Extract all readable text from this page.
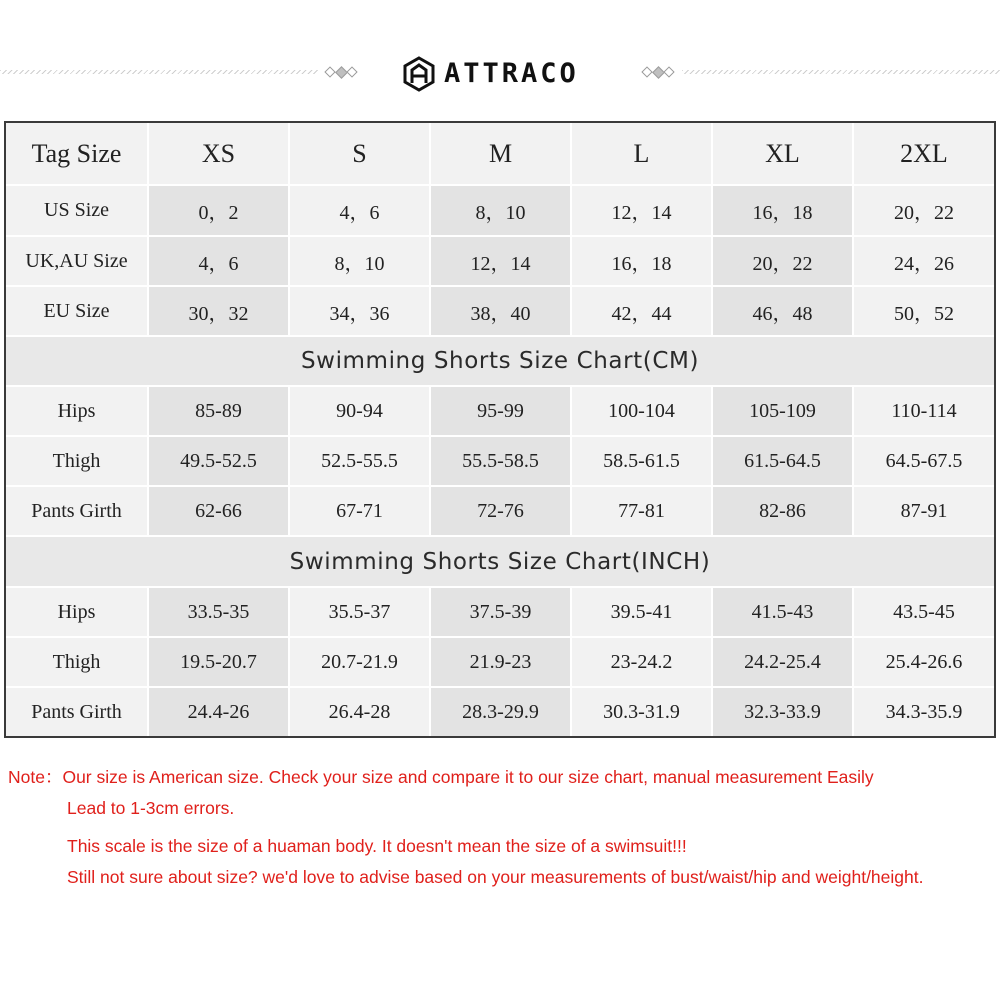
ATTRACO
Tag Size	XS	S	M	L	XL	2XL
US Size	0，2	4，6	8，10	12，14	16，18	20，22
UK,AU Size	4，6	8，10	12，14	16，18	20，22	24，26
EU Size	30，32	34，36	38，40	42，44	46，48	50，52
Swimming Shorts Size Chart(CM)
Hips	85-89	90-94	95-99	100-104	105-109	110-114
Thigh	49.5-52.5	52.5-55.5	55.5-58.5	58.5-61.5	61.5-64.5	64.5-67.5
Pants Girth	62-66	67-71	72-76	77-81	82-86	87-91
Swimming Shorts Size Chart(INCH)
Hips	33.5-35	35.5-37	37.5-39	39.5-41	41.5-43	43.5-45
Thigh	19.5-20.7	20.7-21.9	21.9-23	23-24.2	24.2-25.4	25.4-26.6
Pants Girth	24.4-26	26.4-28	28.3-29.9	30.3-31.9	32.3-33.9	34.3-35.9
Note：Our size is American size. Check your size and compare it to our size chart, manual measurement Easily
Lead to 1-3cm errors.
This scale is the size of a huaman body. It doesn't mean the size of a swimsuit!!!
Still not sure about size? we'd love to advise based on your measurements of bust/waist/hip and weight/height.
